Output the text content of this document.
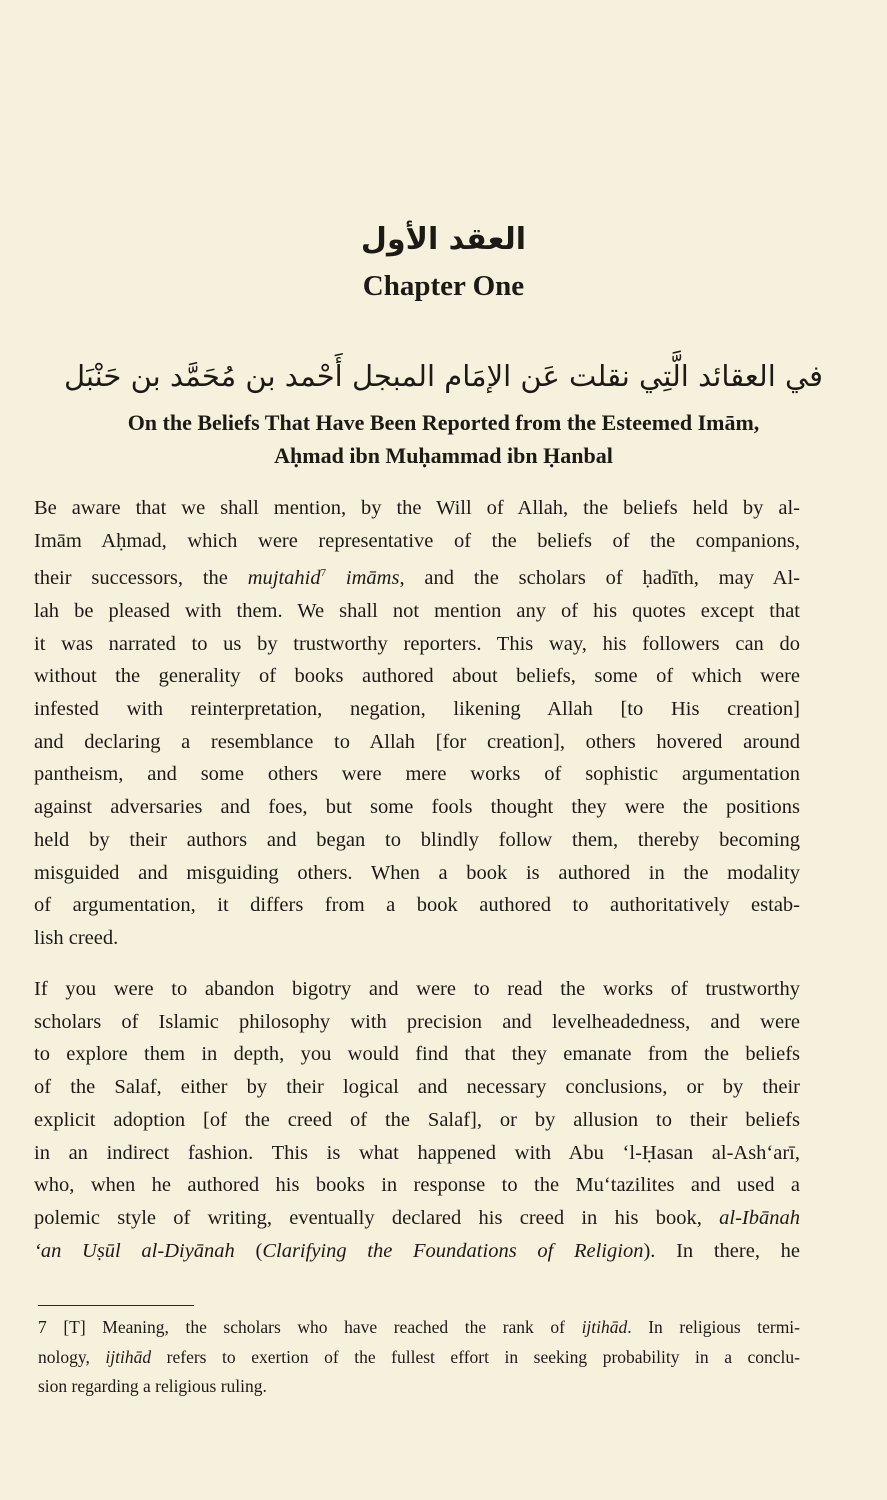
العقد الأول
Chapter One
في العقائد الَّتِي نقلت عَن الإمَام المبجل أَحْمد بن مُحَمَّد بن حَنْبَل
On the Beliefs That Have Been Reported from the Esteemed Imām,
Aḥmad ibn Muḥammad ibn Ḥanbal
Be aware that we shall mention, by the Will of Allah, the beliefs held by al-
Imām Aḥmad, which were representative of the beliefs of the companions,
their successors, the mujtahid$^7$ imāms, and the scholars of ḥadīth, may Al-
lah be pleased with them. We shall not mention any of his quotes except that
it was narrated to us by trustworthy reporters. This way, his followers can do
without the generality of books authored about beliefs, some of which were
infested with reinterpretation, negation, likening Allah [to His creation]
and declaring a resemblance to Allah [for creation], others hovered around
pantheism, and some others were mere works of sophistic argumentation
against adversaries and foes, but some fools thought they were the positions
held by their authors and began to blindly follow them, thereby becoming
misguided and misguiding others. When a book is authored in the modality
of argumentation, it differs from a book authored to authoritatively estab-
lish creed.
If you were to abandon bigotry and were to read the works of trustworthy
scholars of Islamic philosophy with precision and levelheadedness, and were
to explore them in depth, you would find that they emanate from the beliefs
of the Salaf, either by their logical and necessary conclusions, or by their
explicit adoption [of the creed of the Salaf], or by allusion to their beliefs
in an indirect fashion. This is what happened with Abu ‘l-Ḥasan al-Ash‘arī,
who, when he authored his books in response to the Mu‘tazilites and used a
polemic style of writing, eventually declared his creed in his book, al-Ibānah
‘an Uṣūl al-Diyānah (Clarifying the Foundations of Religion). In there, he
7 [T] Meaning, the scholars who have reached the rank of ijtihād. In religious termi-
nology, ijtihād refers to exertion of the fullest effort in seeking probability in a conclu-
sion regarding a religious ruling.
